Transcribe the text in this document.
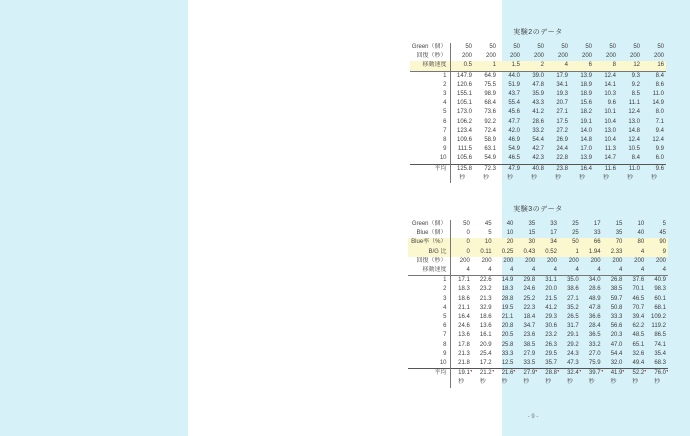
実験2のデータ
Green（個）	50	50	50	50	50	50	50	50	50
回復（秒）	200	200	200	200	200	200	200	200	200
移動速度	0.5	1	1.5	2	4	6	8	12	16
1	147.9	64.9	44.0	39.0	17.9	13.9	12.4	9.3	8.4
2	120.6	75.5	51.9	47.8	34.1	18.9	14.1	9.2	8.6
3	155.1	98.9	43.7	35.9	19.3	18.9	10.3	8.5	11.0
4	105.1	68.4	55.4	43.3	20.7	15.6	9.6	11.1	14.9
5	173.0	73.6	45.6	41.2	27.1	18.2	10.1	12.4	8.0
6	106.2	92.2	47.7	28.6	17.5	19.1	10.4	13.0	7.1
7	123.4	72.4	42.0	33.2	27.2	14.0	13.0	14.8	9.4
8	109.6	58.9	46.9	54.4	26.9	14.8	10.4	12.4	12.4
9	111.5	63.1	54.9	42.7	24.4	17.0	11.3	10.5	9.9
10	105.6	54.9	46.5	42.3	22.8	13.9	14.7	8.4	6.0
平均	125.8	72.3	47.9	40.8	23.8	16.4	11.6	11.0	9.6
	秒	秒	秒	秒	秒	秒	秒	秒	秒
実験3のデータ
Green（個）	50	45	40	35	33	25	17	15	10	5
Blue（個）	0	5	10	15	17	25	33	35	40	45
Blue率（%）	0	10	20	30	34	50	66	70	80	90
B/G 比	0	0.11	0.25	0.43	0.52	1	1.94	2.33	4	9
回復（秒）	200	200	200	200	200	200	200	200	200	200
移動速度	4	4	4	4	4	4	4	4	4	4
1	17.1	22.6	14.9	29.8	31.1	35.0	34.0	26.8	37.6	40.9
2	18.3	23.2	18.3	24.6	20.0	38.6	28.6	38.5	70.1	98.3
3	18.6	21.3	28.8	25.2	21.5	27.1	48.9	59.7	46.5	60.1
4	21.1	32.9	19.5	22.3	41.2	35.2	47.8	50.8	70.7	68.1
5	16.4	18.6	21.1	18.4	29.3	26.5	36.6	33.3	39.4	109.2
6	24.6	13.6	20.8	34.7	30.6	31.7	28.4	56.6	62.2	119.2
7	13.6	16.1	20.5	23.6	23.2	29.1	36.5	20.3	48.5	86.5
8	17.8	20.9	25.8	38.5	26.3	29.2	33.2	47.0	65.1	74.1
9	21.3	25.4	33.3	27.9	29.5	24.3	27.0	54.4	32.6	35.4
10	21.8	17.2	12.5	33.5	35.7	47.3	75.9	32.0	49.4	68.3
平均	19.1	21.2	21.6	27.9	28.8	32.4	39.7	41.9	52.2	76.0
	秒	秒	秒	秒	秒	秒	秒	秒	秒	秒
- 9 -
